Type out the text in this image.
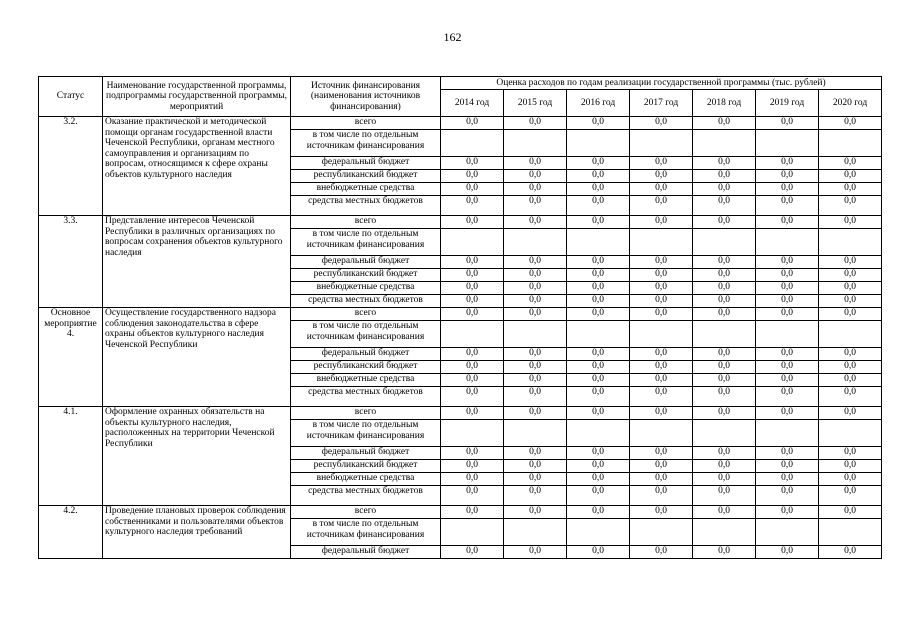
162
Статус	Наименование государственной программы, подпрограммы государственной программы, мероприятий	Источник финансирования (наименования источников финансирования)	Оценка расходов по годам реализации государственной программы (тыс. рублей)						
			2014 год	2015 год	2016 год	2017 год	2018 год	2019 год	2020 год
3.2.	Оказание практической и методической помощи органам государственной власти Чеченской Республики, органам местного самоуправления и организациям по вопросам, относящимся к сфере охраны объектов культурного наследия	всего	0,0	0,0	0,0	0,0	0,0	0,0	0,0
		в том числе по отдельным источникам финансирования							
		федеральный бюджет	0,0	0,0	0,0	0,0	0,0	0,0	0,0
		республиканский бюджет	0,0	0,0	0,0	0,0	0,0	0,0	0,0
		внебюджетные средства	0,0	0,0	0,0	0,0	0,0	0,0	0,0
		средства местных бюджетов	0,0	0,0	0,0	0,0	0,0	0,0	0,0
3.3.	Представление интересов Чеченской Республики в различных организациях по вопросам сохранения объектов культурного наследия	всего	0,0	0,0	0,0	0,0	0,0	0,0	0,0
		в том числе по отдельным источникам финансирования							
		федеральный бюджет	0,0	0,0	0,0	0,0	0,0	0,0	0,0
		республиканский бюджет	0,0	0,0	0,0	0,0	0,0	0,0	0,0
		внебюджетные средства	0,0	0,0	0,0	0,0	0,0	0,0	0,0
		средства местных бюджетов	0,0	0,0	0,0	0,0	0,0	0,0	0,0
Основное мероприятие 4.	Осуществление государственного надзора соблюдения законодательства в сфере охраны объектов культурного наследия Чеченской Республики	всего	0,0	0,0	0,0	0,0	0,0	0,0	0,0
		в том числе по отдельным источникам финансирования							
		федеральный бюджет	0,0	0,0	0,0	0,0	0,0	0,0	0,0
		республиканский бюджет	0,0	0,0	0,0	0,0	0,0	0,0	0,0
		внебюджетные средства	0,0	0,0	0,0	0,0	0,0	0,0	0,0
		средства местных бюджетов	0,0	0,0	0,0	0,0	0,0	0,0	0,0
4.1.	Оформление охранных обязательств на объекты культурного наследия, расположенных на территории Чеченской Республики	всего	0,0	0,0	0,0	0,0	0,0	0,0	0,0
		в том числе по отдельным источникам финансирования							
		федеральный бюджет	0,0	0,0	0,0	0,0	0,0	0,0	0,0
		республиканский бюджет	0,0	0,0	0,0	0,0	0,0	0,0	0,0
		внебюджетные средства	0,0	0,0	0,0	0,0	0,0	0,0	0,0
		средства местных бюджетов	0,0	0,0	0,0	0,0	0,0	0,0	0,0
4.2.	Проведение плановых проверок соблюдения собственниками и пользователями объектов культурного наследия требований	всего	0,0	0,0	0,0	0,0	0,0	0,0	0,0
		в том числе по отдельным источникам финансирования							
		федеральный бюджет	0,0	0,0	0,0	0,0	0,0	0,0	0,0
